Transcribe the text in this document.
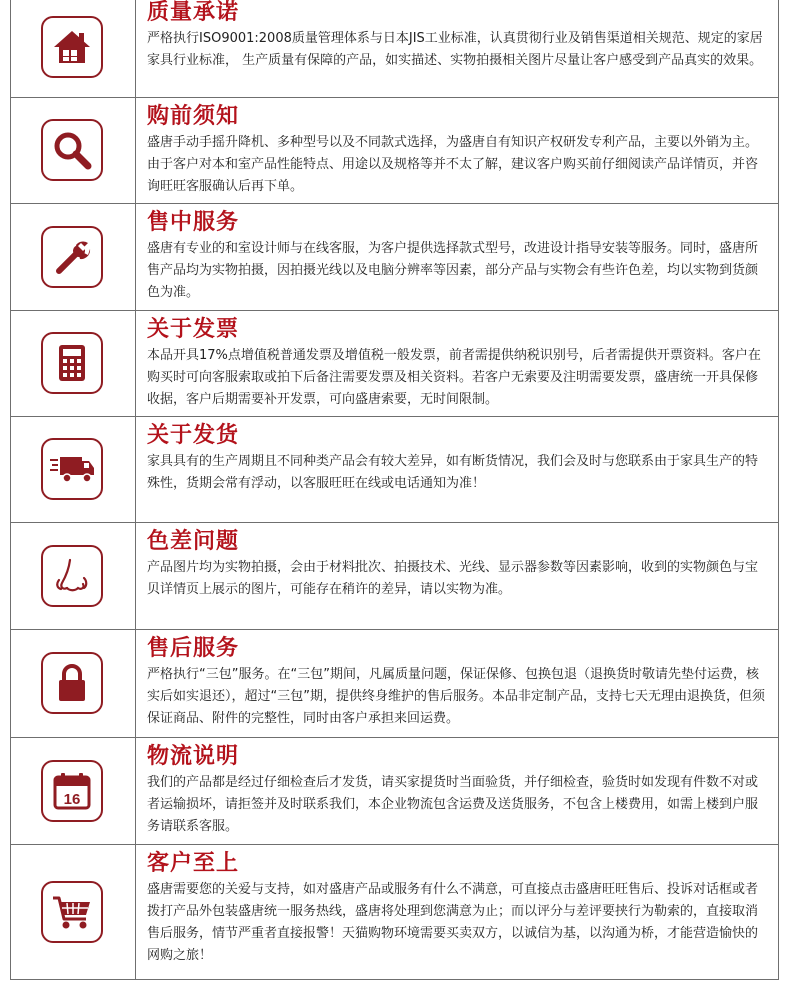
质量承诺

严格执行ISO9001:2008质量管理体系与日本JIS工业标准，认真贯彻行业及销售渠道相关规范、规定的家居家具行业标准， 生产质量有保障的产品，如实描述、实物拍摄相关图片尽量让客户感受到产品真实的效果。

购前须知

盛唐手动手摇升降机、多种型号以及不同款式选择，为盛唐自有知识产权研发专利产品，主要以外销为主。由于客户对本和室产品性能特点、用途以及规格等并不太了解，建议客户购买前仔细阅读产品详情页，并咨询旺旺客服确认后再下单。

售中服务

盛唐有专业的和室设计师与在线客服，为客户提供选择款式型号，改进设计指导安装等服务。同时，盛唐所售产品均为实物拍摄，因拍摄光线以及电脑分辨率等因素，部分产品与实物会有些许色差，均以实物到货颜色为准。

关于发票

本品开具17%点增值税普通发票及增值税一般发票，前者需提供纳税识别号，后者需提供开票资料。客户在购买时可向客服索取或拍下后备注需要发票及相关资料。若客户无索要及注明需要发票，盛唐统一开具保修收据，客户后期需要补开发票，可向盛唐索要，无时间限制。

关于发货

家具具有的生产周期且不同种类产品会有较大差异，如有断货情况，我们会及时与您联系由于家具生产的特殊性，货期会常有浮动，以客服旺旺在线或电话通知为准！

色差问题

产品图片均为实物拍摄，会由于材料批次、拍摄技术、光线、显示器参数等因素影响，收到的实物颜色与宝贝详情页上展示的图片，可能存在稍许的差异，请以实物为准。

售后服务

严格执行“三包”服务。在“三包”期间，凡属质量问题，保证保修、包换包退（退换货时敬请先垫付运费，核实后如实退还），超过“三包”期，提供终身维护的售后服务。本品非定制产品，支持七天无理由退换货，但须保证商品、附件的完整性，同时由客户承担来回运费。

16
物流说明

我们的产品都是经过仔细检查后才发货，请买家提货时当面验货，并仔细检查，验货时如发现有件数不对或者运输损坏，请拒签并及时联系我们，本企业物流包含运费及送货服务，不包含上楼费用，如需上楼到户服务请联系客服。

客户至上

盛唐需要您的关爱与支持，如对盛唐产品或服务有什么不满意，可直接点击盛唐旺旺售后、投诉对话框或者拨打产品外包装盛唐统一服务热线，盛唐将处理到您满意为止；而以评分与差评要挟行为勒索的，直接取消售后服务，情节严重者直接报警！天猫购物环境需要买卖双方，以诚信为基，以沟通为桥，才能营造愉快的网购之旅！
